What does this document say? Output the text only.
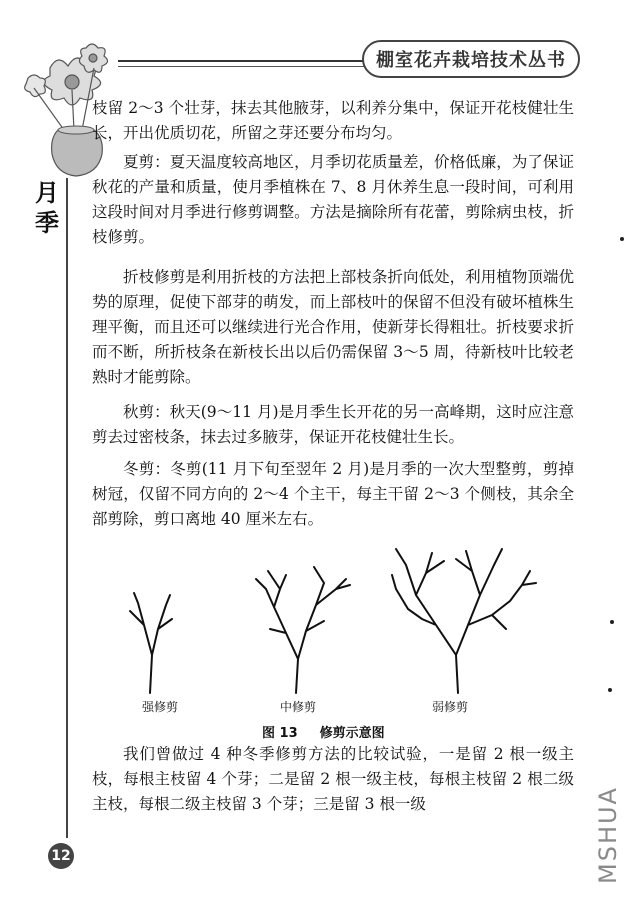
棚室花卉栽培技术丛书
月季

枝留 2～3 个壮芽，抹去其他腋芽，以利养分集中，保证开花枝健壮生长，开出优质切花，所留之芽还要分布均匀。

夏剪：夏天温度较高地区，月季切花质量差，价格低廉，为了保证秋花的产量和质量，使月季植株在 7、8 月休养生息一段时间，可利用这段时间对月季进行修剪调整。方法是摘除所有花蕾，剪除病虫枝，折枝修剪。

折枝修剪是利用折枝的方法把上部枝条折向低处，利用植物顶端优势的原理，促使下部芽的萌发，而上部枝叶的保留不但没有破坏植株生理平衡，而且还可以继续进行光合作用，使新芽长得粗壮。折枝要求折而不断，所折枝条在新枝长出以后仍需保留 3～5 周，待新枝叶比较老熟时才能剪除。

秋剪：秋天(9～11 月)是月季生长开花的另一高峰期，这时应注意剪去过密枝条，抹去过多腋芽，保证开花枝健壮生长。

冬剪：冬剪(11 月下旬至翌年 2 月)是月季的一次大型整剪，剪掉树冠，仅留不同方向的 2～4 个主干，每主干留 2～3 个侧枝，其余全部剪除，剪口离地 40 厘米左右。

强修剪	中修剪	弱修剪
图 13 修剪示意图

我们曾做过 4 种冬季修剪方法的比较试验，一是留 2 根一级主枝，每根主枝留 4 个芽；二是留 2 根一级主枝，每根主枝留 2 根二级主枝，每根二级主枝留 3 个芽；三是留 3 根一级

12	MSHUA
